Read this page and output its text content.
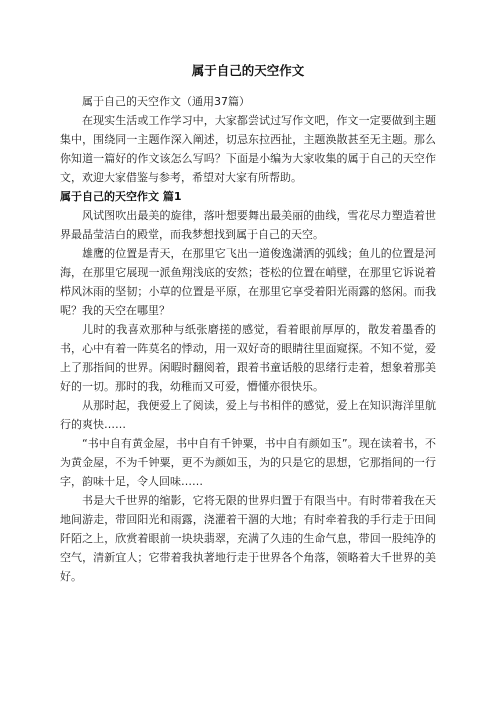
属于自己的天空作文

属于自己的天空作文（通用37篇）

在现实生活或工作学习中，大家都尝试过写作文吧，作文一定要做到主题集中，围绕同一主题作深入阐述，切忌东拉西扯，主题涣散甚至无主题。那么你知道一篇好的作文该怎么写吗？下面是小编为大家收集的属于自己的天空作文，欢迎大家借鉴与参考，希望对大家有所帮助。

属于自己的天空作文 篇1

风试图吹出最美的旋律，落叶想要舞出最美丽的曲线，雪花尽力塑造着世界最晶莹洁白的殿堂，而我梦想找到属于自己的天空。

雄鹰的位置是青天，在那里它飞出一道俊逸潇洒的弧线；鱼儿的位置是河海，在那里它展现一派鱼翔浅底的安然；苍松的位置在峭壁，在那里它诉说着栉风沐雨的坚韧；小草的位置是平原，在那里它享受着阳光雨露的悠闲。而我呢？我的天空在哪里？

儿时的我喜欢那种与纸张磨搓的感觉，看着眼前厚厚的，散发着墨香的书，心中有着一阵莫名的悸动，用一双好奇的眼睛往里面窥探。不知不觉，爱上了那指间的世界。闲暇时翻阅着，跟着书童话般的思绪行走着，想象着那美好的一切。那时的我，幼稚而又可爱，懵懂亦很快乐。

从那时起，我便爱上了阅读，爱上与书相伴的感觉，爱上在知识海洋里航行的爽快……

“书中自有黄金屋，书中自有千钟粟，书中自有颜如玉”。现在读着书，不为黄金屋，不为千钟粟，更不为颜如玉，为的只是它的思想，它那指间的一行字，韵味十足，令人回味……

书是大千世界的缩影，它将无限的世界归置于有限当中。有时带着我在天地间游走，带回阳光和雨露，浇灌着干涸的大地；有时牵着我的手行走于田间阡陌之上，欣赏着眼前一块块翡翠，充满了久违的生命气息，带回一股纯净的空气，清新宜人；它带着我执著地行走于世界各个角落，领略着大千世界的美好。
